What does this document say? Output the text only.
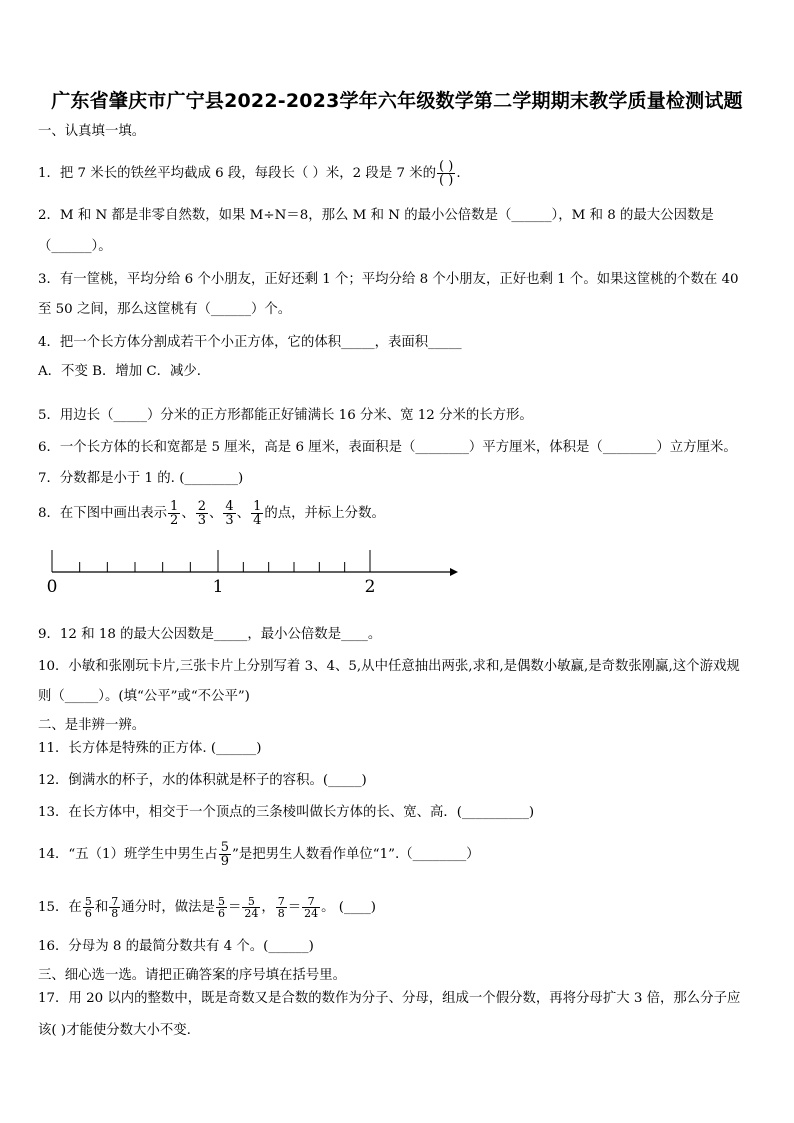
广东省肇庆市广宁县2022-2023学年六年级数学第二学期期末教学质量检测试题
一、认真填一填。
1．把 7 米长的铁丝平均截成 6 段，每段长（ ）米，2 段是 7 米的 $\frac{( )}{( )}$ .
2．M 和 N 都是非零自然数，如果 M÷N＝8，那么 M 和 N 的最小公倍数是（______），M 和 8 的最大公因数是
（______）。
3．有一筐桃，平均分给 6 个小朋友，正好还剩 1 个；平均分给 8 个小朋友，正好也剩 1 个。如果这筐桃的个数在 40
至 50 之间，那么这筐桃有（______）个。
4．把一个长方体分割成若干个小正方体，它的体积_____，表面积_____
A．不变 B．增加 C．减少．
5．用边长（_____）分米的正方形都能正好铺满长 16 分米、宽 12 分米的长方形。
6．一个长方体的长和宽都是 5 厘米，高是 6 厘米，表面积是（________）平方厘米，体积是（________）立方厘米。
7．分数都是小于 1 的. (________)
8．在下图中画出表示 $\frac{1}{2}$ 、 $\frac{2}{3}$ 、 $\frac{4}{3}$ 、 $\frac{1}{4}$ 的点，并标上分数。
0	1	2
9．12 和 18 的最大公因数是_____，最小公倍数是____。
10．小敏和张刚玩卡片,三张卡片上分别写着 3、4、5,从中任意抽出两张,求和,是偶数小敏赢,是奇数张刚赢,这个游戏规
则（_____）。(填“公平”或“不公平”)
二、是非辨一辨。
11．长方体是特殊的正方体. (______)
12．倒满水的杯子，水的体积就是杯子的容积。(_____)
13．在长方体中，相交于一个顶点的三条棱叫做长方体的长、宽、高．(__________)
14．“五（1）班学生中男生占 $\frac{5}{9}$ ”是把男生人数看作单位“1”.（________）
15．在 $\frac{5}{6}$ 和 $\frac{7}{8}$ 通分时，做法是 $\frac{5}{6} = \frac{5}{24}$ ， $\frac{7}{8} = \frac{7}{24}$ 。 (____)
16．分母为 8 的最简分数共有 4 个。(______)
三、细心选一选。请把正确答案的序号填在括号里。
17．用 20 以内的整数中，既是奇数又是合数的数作为分子、分母，组成一个假分数，再将分母扩大 3 倍，那么分子应
该( )才能使分数大小不变.
